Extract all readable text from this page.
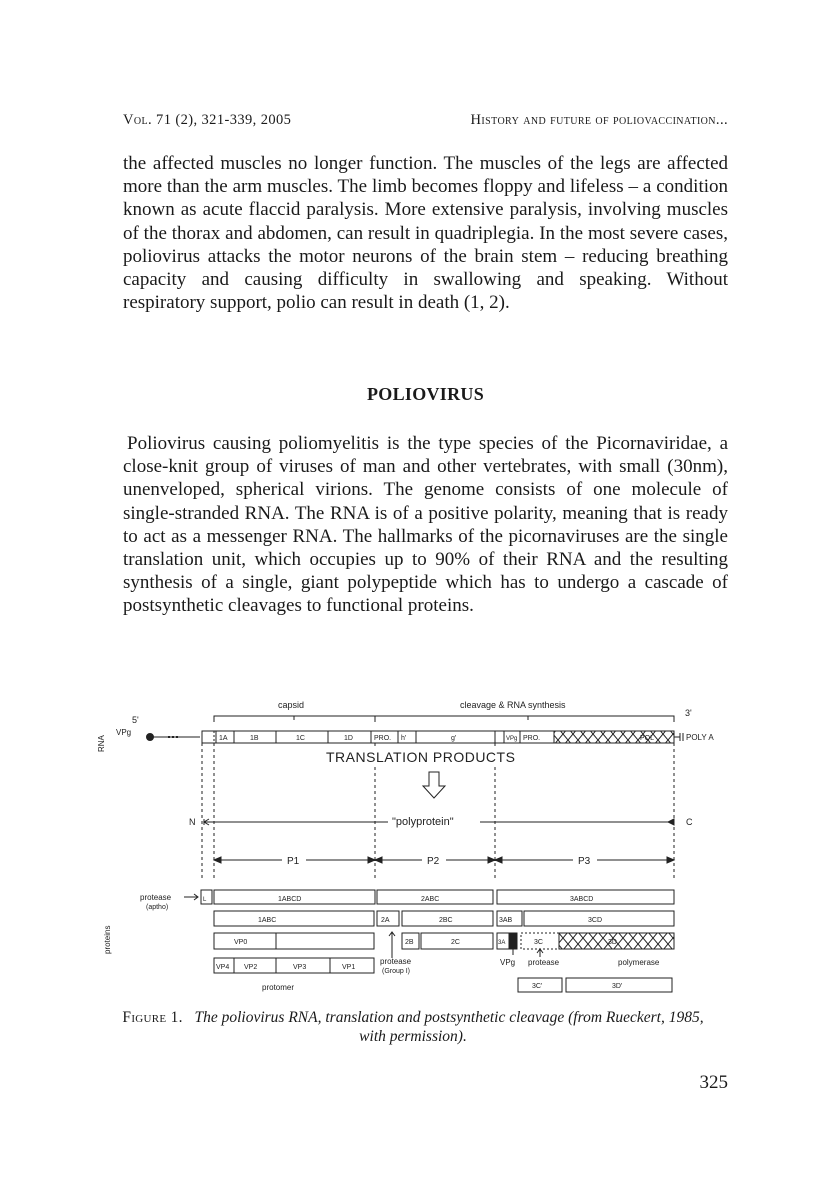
Vol. 71 (2), 321-339, 2005	History and future of poliovaccination...
the affected muscles no longer function. The muscles of the legs are affected more than the arm muscles. The limb becomes floppy and lifeless – a condition known as acute flaccid paralysis. More extensive paralysis, involving muscles of the thorax and abdomen, can result in quadriplegia. In the most severe cases, poliovirus attacks the motor neurons of the brain stem – reducing breathing capacity and causing difficulty in swallowing and speaking. Without respiratory support, polio can result in death (1, 2).
POLIOVIRUS
Poliovirus causing poliomyelitis is the type species of the Picornaviridae, a close-knit group of viruses of man and other vertebrates, with small (30nm), unenveloped, spherical virions. The genome consists of one molecule of single-stranded RNA. The RNA is of a positive polarity, meaning that is ready to act as a messenger RNA. The hallmarks of the picornaviruses are the single translation unit, which occupies up to 90% of their RNA and the resulting synthesis of a single, giant polypeptide which has to undergo a cascade of postsynthetic cleavages to functional proteins.
capsid	cleavage & RNA synthesis
5'
3'
RNA
VPg
1A	1B	1C	1D	PRO. h'	g'	VPg PRO.	POL	POLY A
TRANSLATION PRODUCTS
N	C
"polyprotein"
P1	P2	P3
protease
(aptho)
proteins
L	1ABCD	2ABC	3ABCD
1ABC	2A	2BC	3AB	3CD
VP0	2B	2C	3A	3C	3D
VP4 VP2	VP3	VP1
3C'	3D'
protease
(Group I)
VPg protease	polymerase
protomer
Figure 1. The poliovirus RNA, translation and postsynthetic cleavage (from Rueckert, 1985, with permission).
325
